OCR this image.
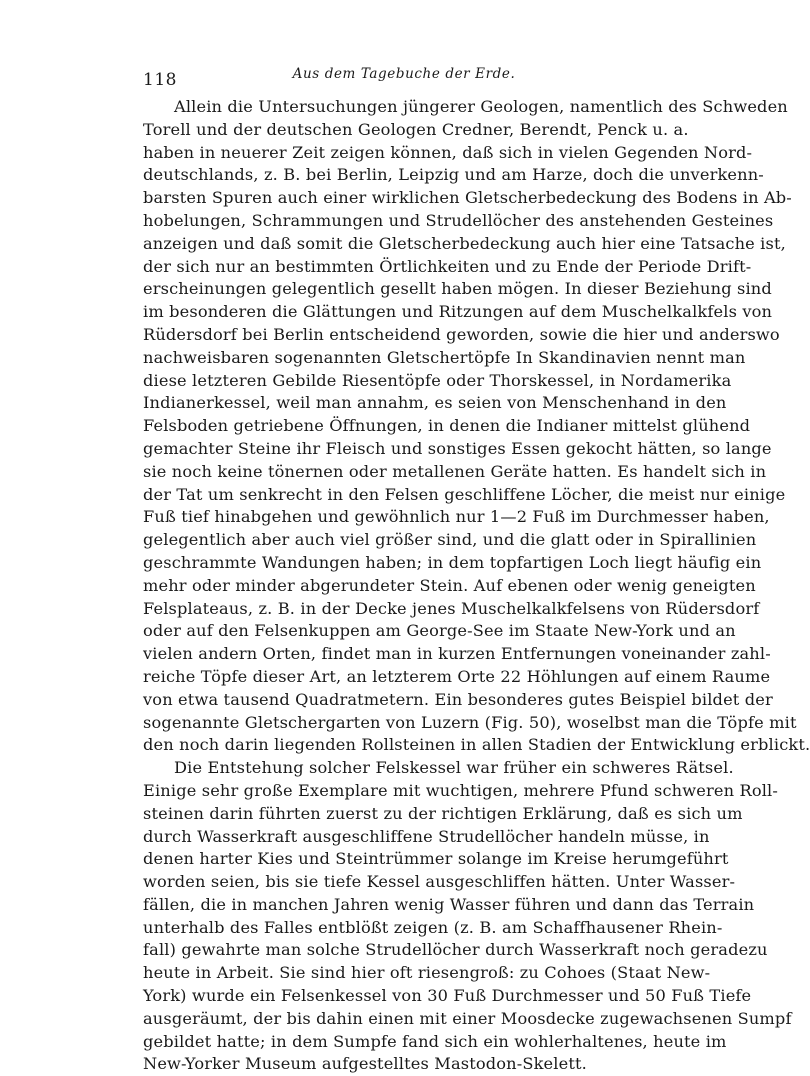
118	Aus dem Tagebuche der Erde.
Allein die Untersuchungen jüngerer Geologen, namentlich des Schweden
Torell und der deutschen Geologen Credner, Berendt, Penck u. a.
haben in neuerer Zeit zeigen können, daß sich in vielen Gegenden Nord-
deutschlands, z. B. bei Berlin, Leipzig und am Harze, doch die unverkenn-
barsten Spuren auch einer wirklichen Gletscherbedeckung des Bodens in Ab-
hobelungen, Schrammungen und Strudellöcher des anstehenden Gesteines
anzeigen und daß somit die Gletscherbedeckung auch hier eine Tatsache ist,
der sich nur an bestimmten Örtlichkeiten und zu Ende der Periode Drift-
erscheinungen gelegentlich gesellt haben mögen. In dieser Beziehung sind
im besonderen die Glättungen und Ritzungen auf dem Muschelkalkfels von
Rüdersdorf bei Berlin entscheidend geworden, sowie die hier und anderswo
nachweisbaren sogenannten Gletschertöpfe In Skandinavien nennt man
diese letzteren Gebilde Riesentöpfe oder Thorskessel, in Nordamerika
Indianerkessel, weil man annahm, es seien von Menschenhand in den
Felsboden getriebene Öffnungen, in denen die Indianer mittelst glühend
gemachter Steine ihr Fleisch und sonstiges Essen gekocht hätten, so lange
sie noch keine tönernen oder metallenen Geräte hatten. Es handelt sich in
der Tat um senkrecht in den Felsen geschliffene Löcher, die meist nur einige
Fuß tief hinabgehen und gewöhnlich nur 1—2 Fuß im Durchmesser haben,
gelegentlich aber auch viel größer sind, und die glatt oder in Spirallinien
geschrammte Wandungen haben; in dem topfartigen Loch liegt häufig ein
mehr oder minder abgerundeter Stein. Auf ebenen oder wenig geneigten
Felsplateaus, z. B. in der Decke jenes Muschelkalkfelsens von Rüdersdorf
oder auf den Felsenkuppen am George-See im Staate New-York und an
vielen andern Orten, findet man in kurzen Entfernungen voneinander zahl-
reiche Töpfe dieser Art, an letzterem Orte 22 Höhlungen auf einem Raume
von etwa tausend Quadratmetern. Ein besonderes gutes Beispiel bildet der
sogenannte Gletschergarten von Luzern (Fig. 50), woselbst man die Töpfe mit
den noch darin liegenden Rollsteinen in allen Stadien der Entwicklung erblickt.
Die Entstehung solcher Felskessel war früher ein schweres Rätsel.
Einige sehr große Exemplare mit wuchtigen, mehrere Pfund schweren Roll-
steinen darin führten zuerst zu der richtigen Erklärung, daß es sich um
durch Wasserkraft ausgeschliffene Strudellöcher handeln müsse, in
denen harter Kies und Steintrümmer solange im Kreise herumgeführt
worden seien, bis sie tiefe Kessel ausgeschliffen hätten. Unter Wasser-
fällen, die in manchen Jahren wenig Wasser führen und dann das Terrain
unterhalb des Falles entblößt zeigen (z. B. am Schaffhausener Rhein-
fall) gewahrte man solche Strudellöcher durch Wasserkraft noch geradezu
heute in Arbeit. Sie sind hier oft riesengroß: zu Cohoes (Staat New-
York) wurde ein Felsenkessel von 30 Fuß Durchmesser und 50 Fuß Tiefe
ausgeräumt, der bis dahin einen mit einer Moosdecke zugewachsenen Sumpf
gebildet hatte; in dem Sumpfe fand sich ein wohlerhaltenes, heute im
New-Yorker Museum aufgestelltes Mastodon-Skelett.
